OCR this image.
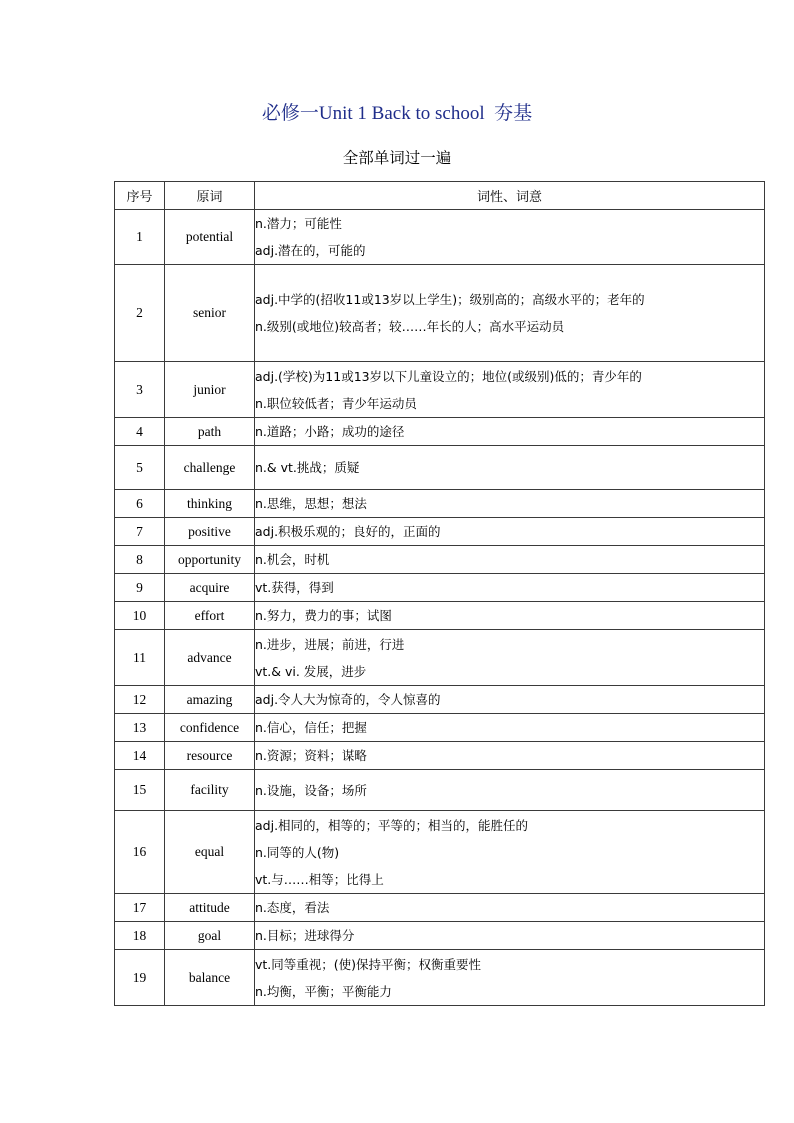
必修一Unit 1 Back to school  夯基
全部单词过一遍
序号	原词	词性、词意
1	potential	n.潜力；可能性
adj.潜在的，可能的

2	senior	adj.中学的(招收11或13岁以上学生)；级别高的；高级水平的；老年的
n.级别(或地位)较高者；较……年长的人；高水平运动员

3	junior	adj.(学校)为11或13岁以下儿童设立的；地位(或级别)低的；青少年的
n.职位较低者；青少年运动员

4	path	n.道路；小路；成功的途径

5	challenge	n.& vt.挑战；质疑

6	thinking	n.思维，思想；想法

7	positive	adj.积极乐观的；良好的，正面的

8	opportunity	n.机会，时机

9	acquire	vt.获得，得到

10	effort	n.努力，费力的事；试图

11	advance	n.进步，进展；前进，行进
vt.& vi. 发展，进步

12	amazing	adj.令人大为惊奇的，令人惊喜的

13	confidence	n.信心，信任；把握

14	resource	n.资源；资料；谋略

15	facility	n.设施，设备；场所

16	equal	adj.相同的，相等的；平等的；相当的，能胜任的
n.同等的人(物)
vt.与……相等；比得上

17	attitude	n.态度，看法

18	goal	n.目标；进球得分

19	balance	vt.同等重视；(使)保持平衡；权衡重要性
n.均衡，平衡；平衡能力
